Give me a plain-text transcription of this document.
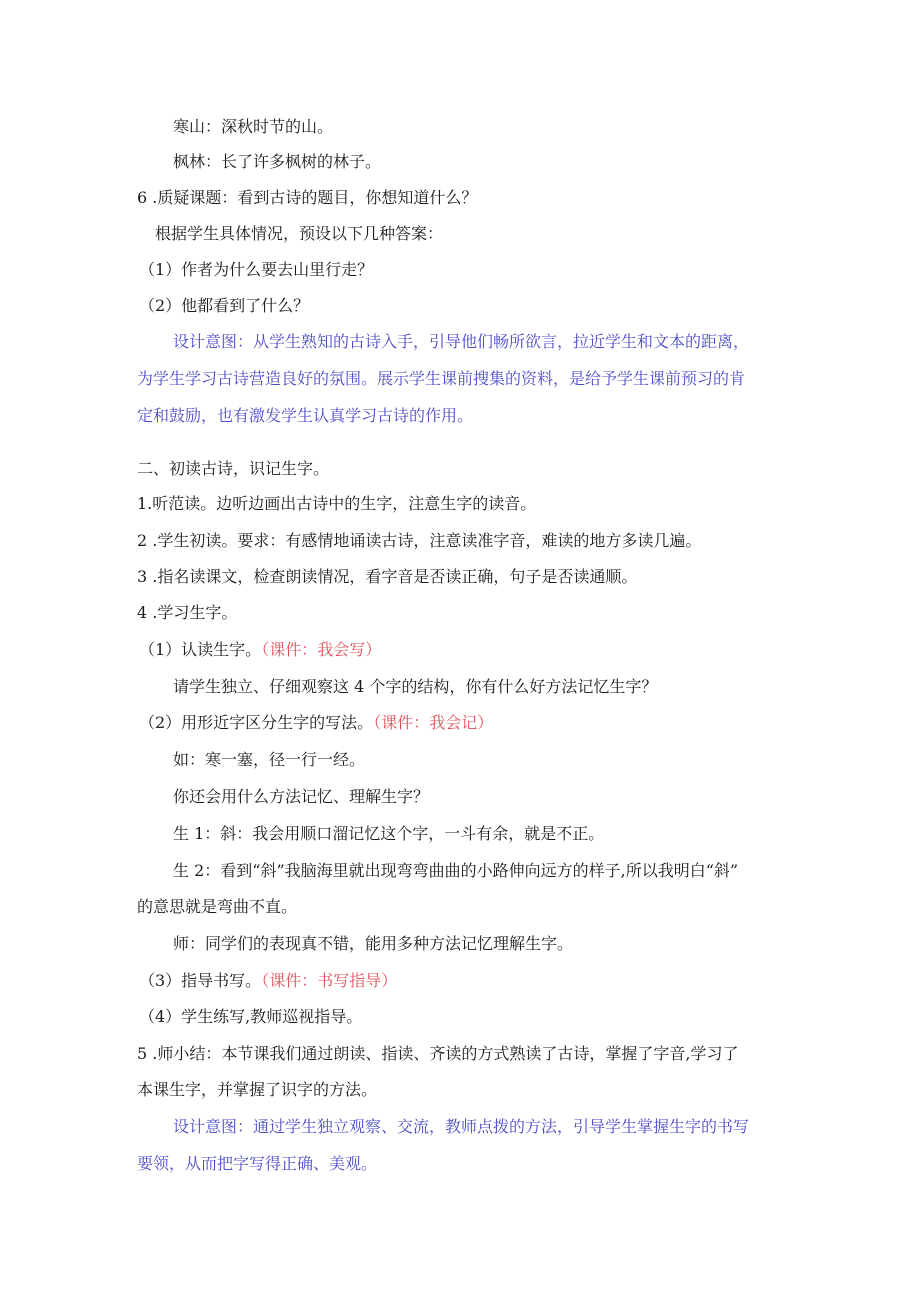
寒山：深秋时节的山。
枫林：长了许多枫树的林子。
6 .质疑课题：看到古诗的题目，你想知道什么？
根据学生具体情况，预设以下几种答案：
（1）作者为什么要去山里行走？
（2）他都看到了什么？
设计意图：从学生熟知的古诗入手，引导他们畅所欲言，拉近学生和文本的距离，
为学生学习古诗营造良好的氛围。展示学生课前搜集的资料，是给予学生课前预习的肯
定和鼓励，也有激发学生认真学习古诗的作用。
二、初读古诗，识记生字。
1.听范读。边听边画出古诗中的生字，注意生字的读音。
2 .学生初读。要求：有感情地诵读古诗，注意读准字音，难读的地方多读几遍。
3 .指名读课文，检查朗读情况，看字音是否读正确，句子是否读通顺。
4 .学习生字。
（1）认读生字。（课件：我会写）
请学生独立、仔细观察这 4 个字的结构，你有什么好方法记忆生字？
（2）用形近字区分生字的写法。（课件：我会记）
如：寒一塞，径一行一经。
你还会用什么方法记忆、理解生字？
生 1：斜：我会用顺口溜记忆这个字，一斗有余，就是不正。
生 2：看到“斜”我脑海里就出现弯弯曲曲的小路伸向远方的样子,所以我明白“斜”
的意思就是弯曲不直。
师：同学们的表现真不错，能用多种方法记忆理解生字。
（3）指导书写。（课件：书写指导）
（4）学生练写,教师巡视指导。
5 .师小结：本节课我们通过朗读、指读、齐读的方式熟读了古诗，掌握了字音,学习了
本课生字，并掌握了识字的方法。
设计意图：通过学生独立观察、交流，教师点拨的方法，引导学生掌握生字的书写
要领，从而把字写得正确、美观。
